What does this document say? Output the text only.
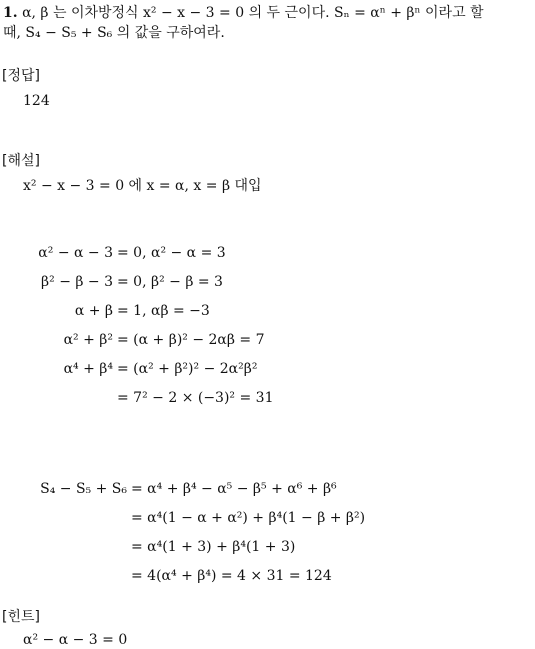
1. α, β 는 이차방정식 x² − x − 3 = 0 의 두 근이다. Sₙ = αⁿ + βⁿ 이라고 할
때, S₄ − S₅ + S₆ 의 값을 구하여라.
[정답]
124
[해설]
x² − x − 3 = 0 에 x = α, x = β 대입
α² − α − 3 = 0, α² − α = 3
β² − β − 3 = 0, β² − β = 3
α + β = 1, αβ = −3
α² + β² = (α + β)² − 2αβ = 7
α⁴ + β⁴ = (α² + β²)² − 2α²β²
= 7² − 2 × (−3)² = 31
S₄ − S₅ + S₆ = α⁴ + β⁴ − α⁵ − β⁵ + α⁶ + β⁶
= α⁴(1 − α + α²) + β⁴(1 − β + β²)
= α⁴(1 + 3) + β⁴(1 + 3)
= 4(α⁴ + β⁴) = 4 × 31 = 124
[힌트]
α² − α − 3 = 0
